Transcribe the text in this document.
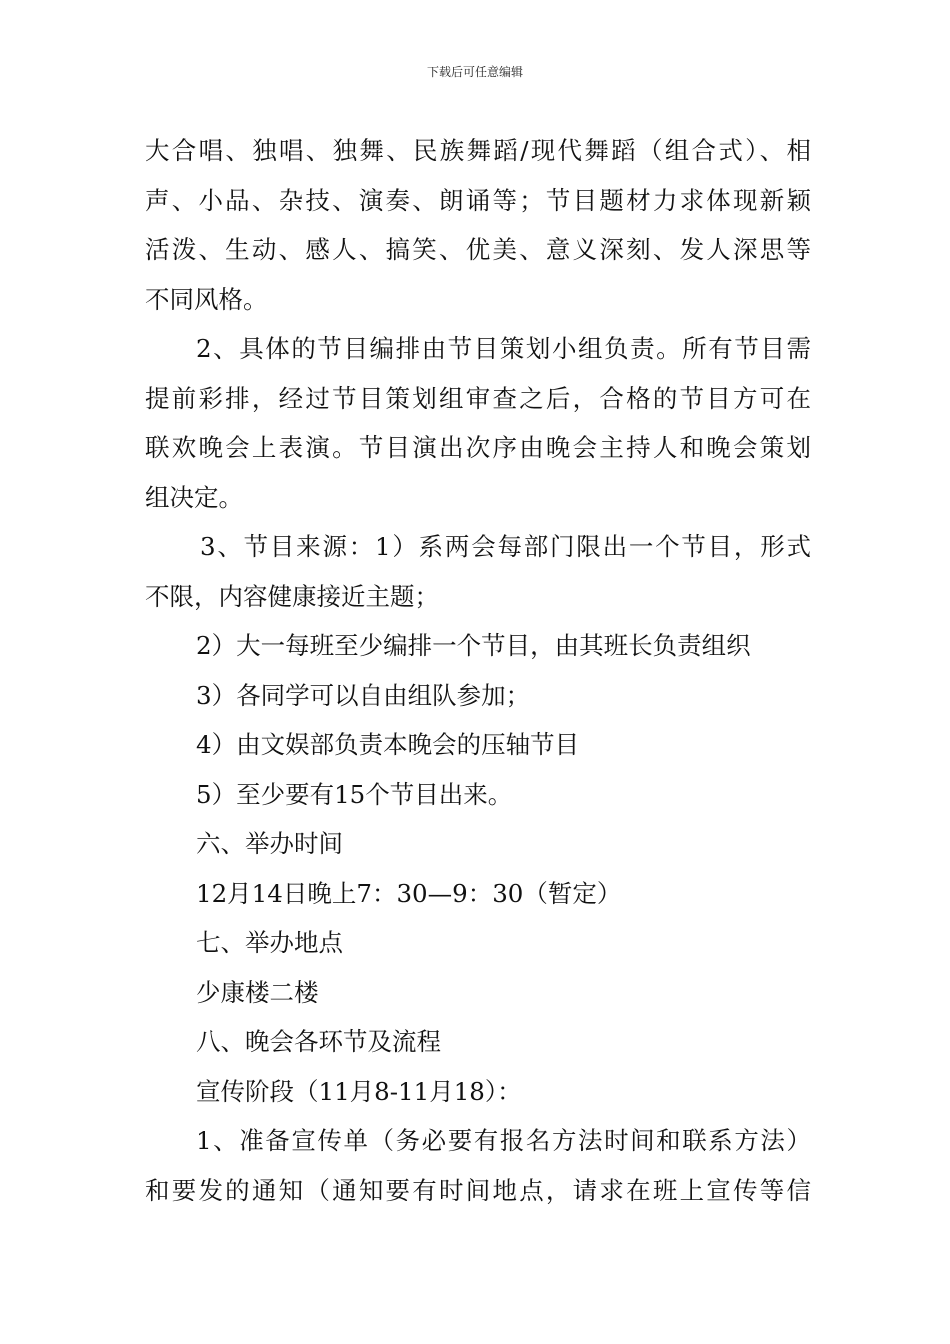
下载后可任意编辑
大合唱、独唱、独舞、民族舞蹈/现代舞蹈（组合式）、相
声、小品、杂技、演奏、朗诵等；节目题材力求体现新颖
活泼、生动、感人、搞笑、优美、意义深刻、发人深思等
不同风格。
2、具体的节目编排由节目策划小组负责。所有节目需
提前彩排，经过节目策划组审查之后，合格的节目方可在
联欢晚会上表演。节目演出次序由晚会主持人和晚会策划
组决定。
3、节目来源：1）系两会每部门限出一个节目，形式
不限，内容健康接近主题；
2）大一每班至少编排一个节目，由其班长负责组织
3）各同学可以自由组队参加；
4）由文娱部负责本晚会的压轴节目
5）至少要有15个节目出来。
六、举办时间
12月14日晚上7：30—9：30（暂定）
七、举办地点
少康楼二楼
八、晚会各环节及流程
宣传阶段（11月8-11月18）：
1、准备宣传单（务必要有报名方法时间和联系方法）
和要发的通知（通知要有时间地点，请求在班上宣传等信
